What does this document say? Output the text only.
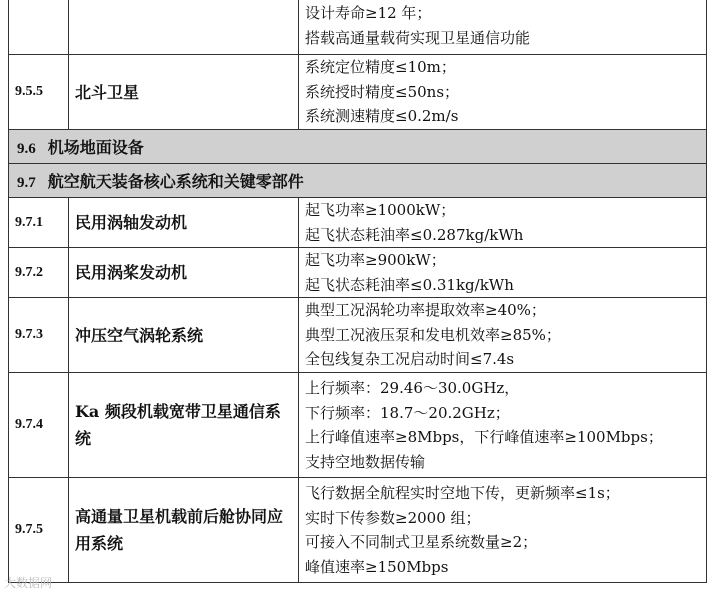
		设计寿命≥12 年；
搭载高通量载荷实现卫星通信功能

9.5.5	北斗卫星	系统定位精度≤10m；
系统授时精度≤50ns；
系统测速精度≤0.2m/s

9.6 机场地面设备		
9.7 航空航天装备核心系统和关键零部件		
9.7.1	民用涡轴发动机	起飞功率≥1000kW；
起飞状态耗油率≤0.287kg/kWh

9.7.2	民用涡桨发动机	起飞功率≥900kW；
起飞状态耗油率≤0.31kg/kWh

9.7.3	冲压空气涡轮系统	典型工况涡轮功率提取效率≥40%；
典型工况液压泵和发电机效率≥85%；
全包线复杂工况启动时间≤7.4s

9.7.4	Ka 频段机载宽带卫星通信系统	上行频率：29.46～30.0GHz，
下行频率：18.7～20.2GHz；
上行峰值速率≥8Mbps，下行峰值速率≥100Mbps；
支持空地数据传输

9.7.5	高通量卫星机载前后舱协同应用系统	飞行数据全航程实时空地下传，更新频率≤1s；
实时下传参数≥2000 组；
可接入不同制式卫星系统数量≥2；
峰值速率≥150Mbps
大数据网
